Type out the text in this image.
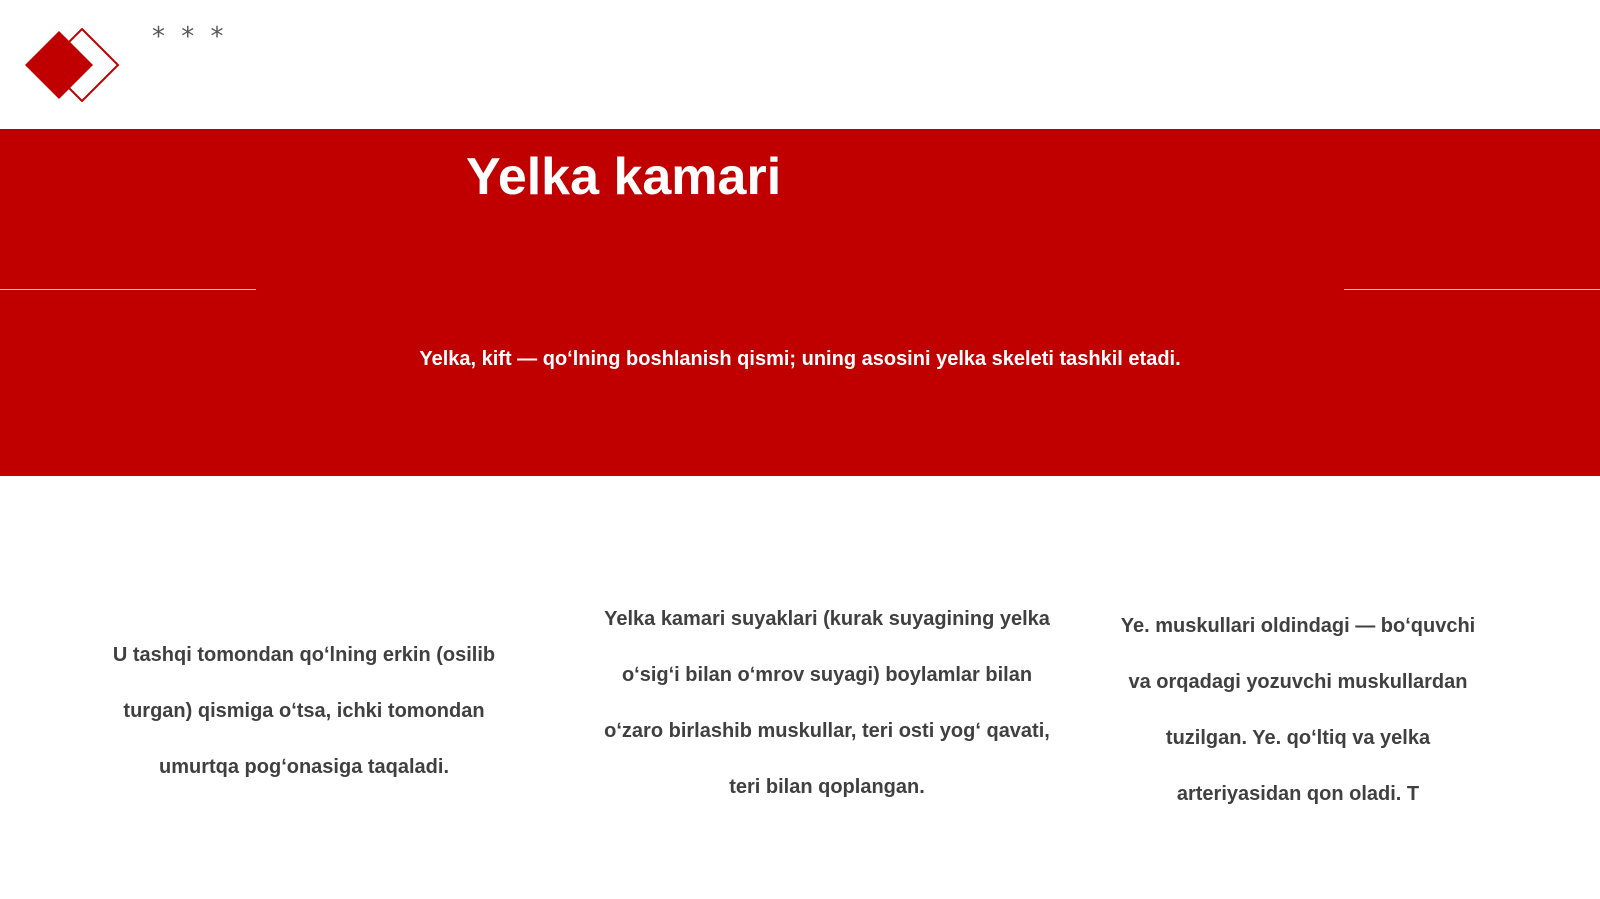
* * *
Yelka kamari

Yelka, kift — qoʻlning boshlanish qismi; uning asosini yelka skeleti tashkil etadi.

U tashqi tomondan qoʻlning erkin (osilib turgan) qismiga oʻtsa, ichki tomondan umurtqa pogʻonasiga taqaladi.

Yelka kamari suyaklari (kurak suyagining yelka oʻsigʻi bilan oʻmrov suyagi) boylamlar bilan oʻzaro birlashib muskullar, teri osti yogʻ qavati, teri bilan qoplangan.

Ye. muskullari oldindagi — boʻquvchi va orqadagi yozuvchi muskullardan tuzilgan. Ye. qoʻltiq va yelka arteriyasidan qon oladi. T
